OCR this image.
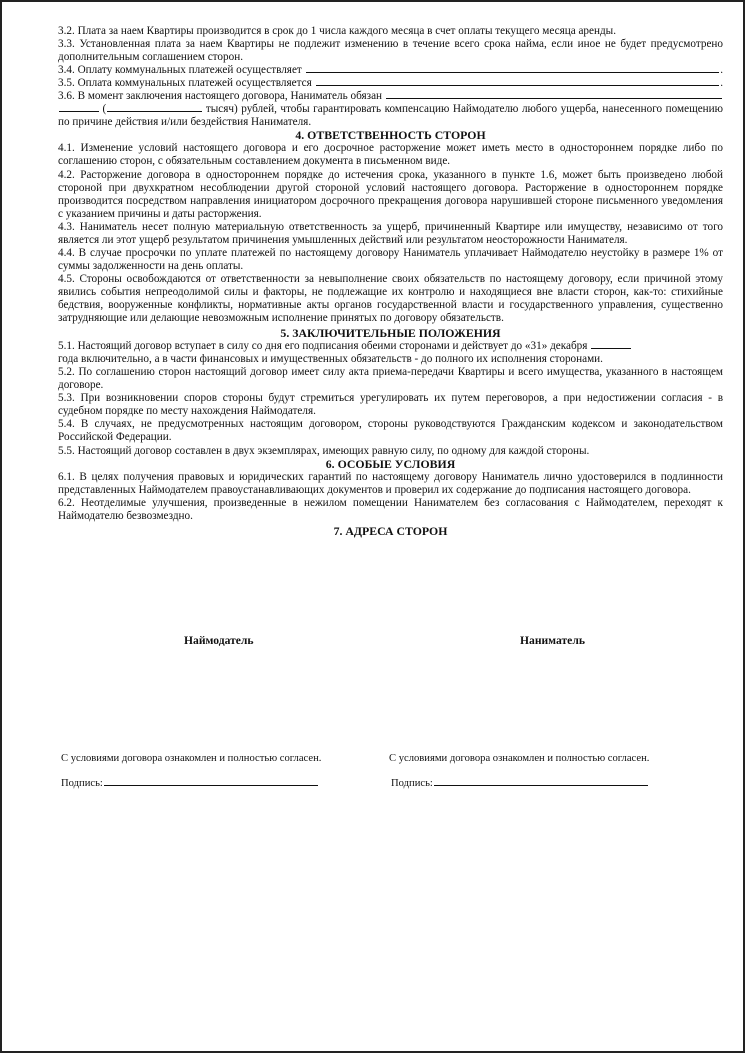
3.2. Плата за наем Квартиры производится в срок до 1 числа каждого месяца в счет оплаты текущего месяца аренды.

3.3. Установленная плата за наем Квартиры не подлежит изменению в течение всего срока найма, если иное не будет предусмотрено дополнительным соглашением сторон.

3.4. Оплату коммунальных платежей осуществляет	.
3.5. Оплата коммунальных платежей осуществляется	.
3.6. В момент заключения настоящего договора, Наниматель обязан

(	тысяч) рублей, чтобы гарантировать компенсацию Наймодателю любого ущерба, нанесенного помещению по причине действия и/или бездействия Нанимателя.

4. ОТВЕТСТВЕННОСТЬ СТОРОН

4.1. Изменение условий настоящего договора и его досрочное расторжение может иметь место в одностороннем порядке либо по соглашению сторон, с обязательным составлением документа в письменном виде.

4.2. Расторжение договора в одностороннем порядке до истечения срока, указанного в пункте 1.6, может быть произведено любой стороной при двухкратном несоблюдении другой стороной условий настоящего договора. Расторжение в одностороннем порядке производится посредством направления инициатором досрочного прекращения договора нарушившей стороне письменного уведомления с указанием причины и даты расторжения.

4.3. Наниматель несет полную материальную ответственность за ущерб, причиненный Квартире или имуществу, независимо от того является ли этот ущерб результатом причинения умышленных действий или результатом неосторожности Нанимателя.

4.4. В случае просрочки по уплате платежей по настоящему договору Наниматель уплачивает Наймодателю неустойку в размере 1% от суммы задолженности на день оплаты.

4.5. Стороны освобождаются от ответственности за невыполнение своих обязательств по настоящему договору, если причиной этому явились события непреодолимой силы и факторы, не подлежащие их контролю и находящиеся вне власти сторон, как-то: стихийные бедствия, вооруженные конфликты, нормативные акты органов государственной власти и государственного управления, существенно затрудняющие или делающие невозможным исполнение принятых по договору обязательств.

5. ЗАКЛЮЧИТЕЛЬНЫЕ ПОЛОЖЕНИЯ

5.1. Настоящий договор вступает в силу со дня его подписания обеими сторонами и действует до «31» декабря

года включительно, а в части финансовых и имущественных обязательств - до полного их исполнения сторонами.

5.2. По соглашению сторон настоящий договор имеет силу акта приема-передачи Квартиры и всего имущества, указанного в настоящем договоре.

5.3. При возникновении споров стороны будут стремиться урегулировать их путем переговоров, а при недостижении согласия - в судебном порядке по месту нахождения Наймодателя.

5.4. В случаях, не предусмотренных настоящим договором, стороны руководствуются Гражданским кодексом и законодательством Российской Федерации.

5.5. Настоящий договор составлен в двух экземплярах, имеющих равную силу, по одному для каждой стороны.

6. ОСОБЫЕ УСЛОВИЯ

6.1. В целях получения правовых и юридических гарантий по настоящему договору Наниматель лично удостоверился в подлинности представленных Наймодателем правоустанавливающих документов и проверил их содержание до подписания настоящего договора.

6.2. Неотделимые улучшения, произведенные в нежилом помещении Нанимателем без согласования с Наймодателем, переходят к Наймодателю безвозмездно.

7. АДРЕСА СТОРОН

Наймодатель	Наниматель
С условиями договора ознакомлен и полностью согласен.	С условиями договора ознакомлен и полностью согласен.
Подпись:	Подпись:
